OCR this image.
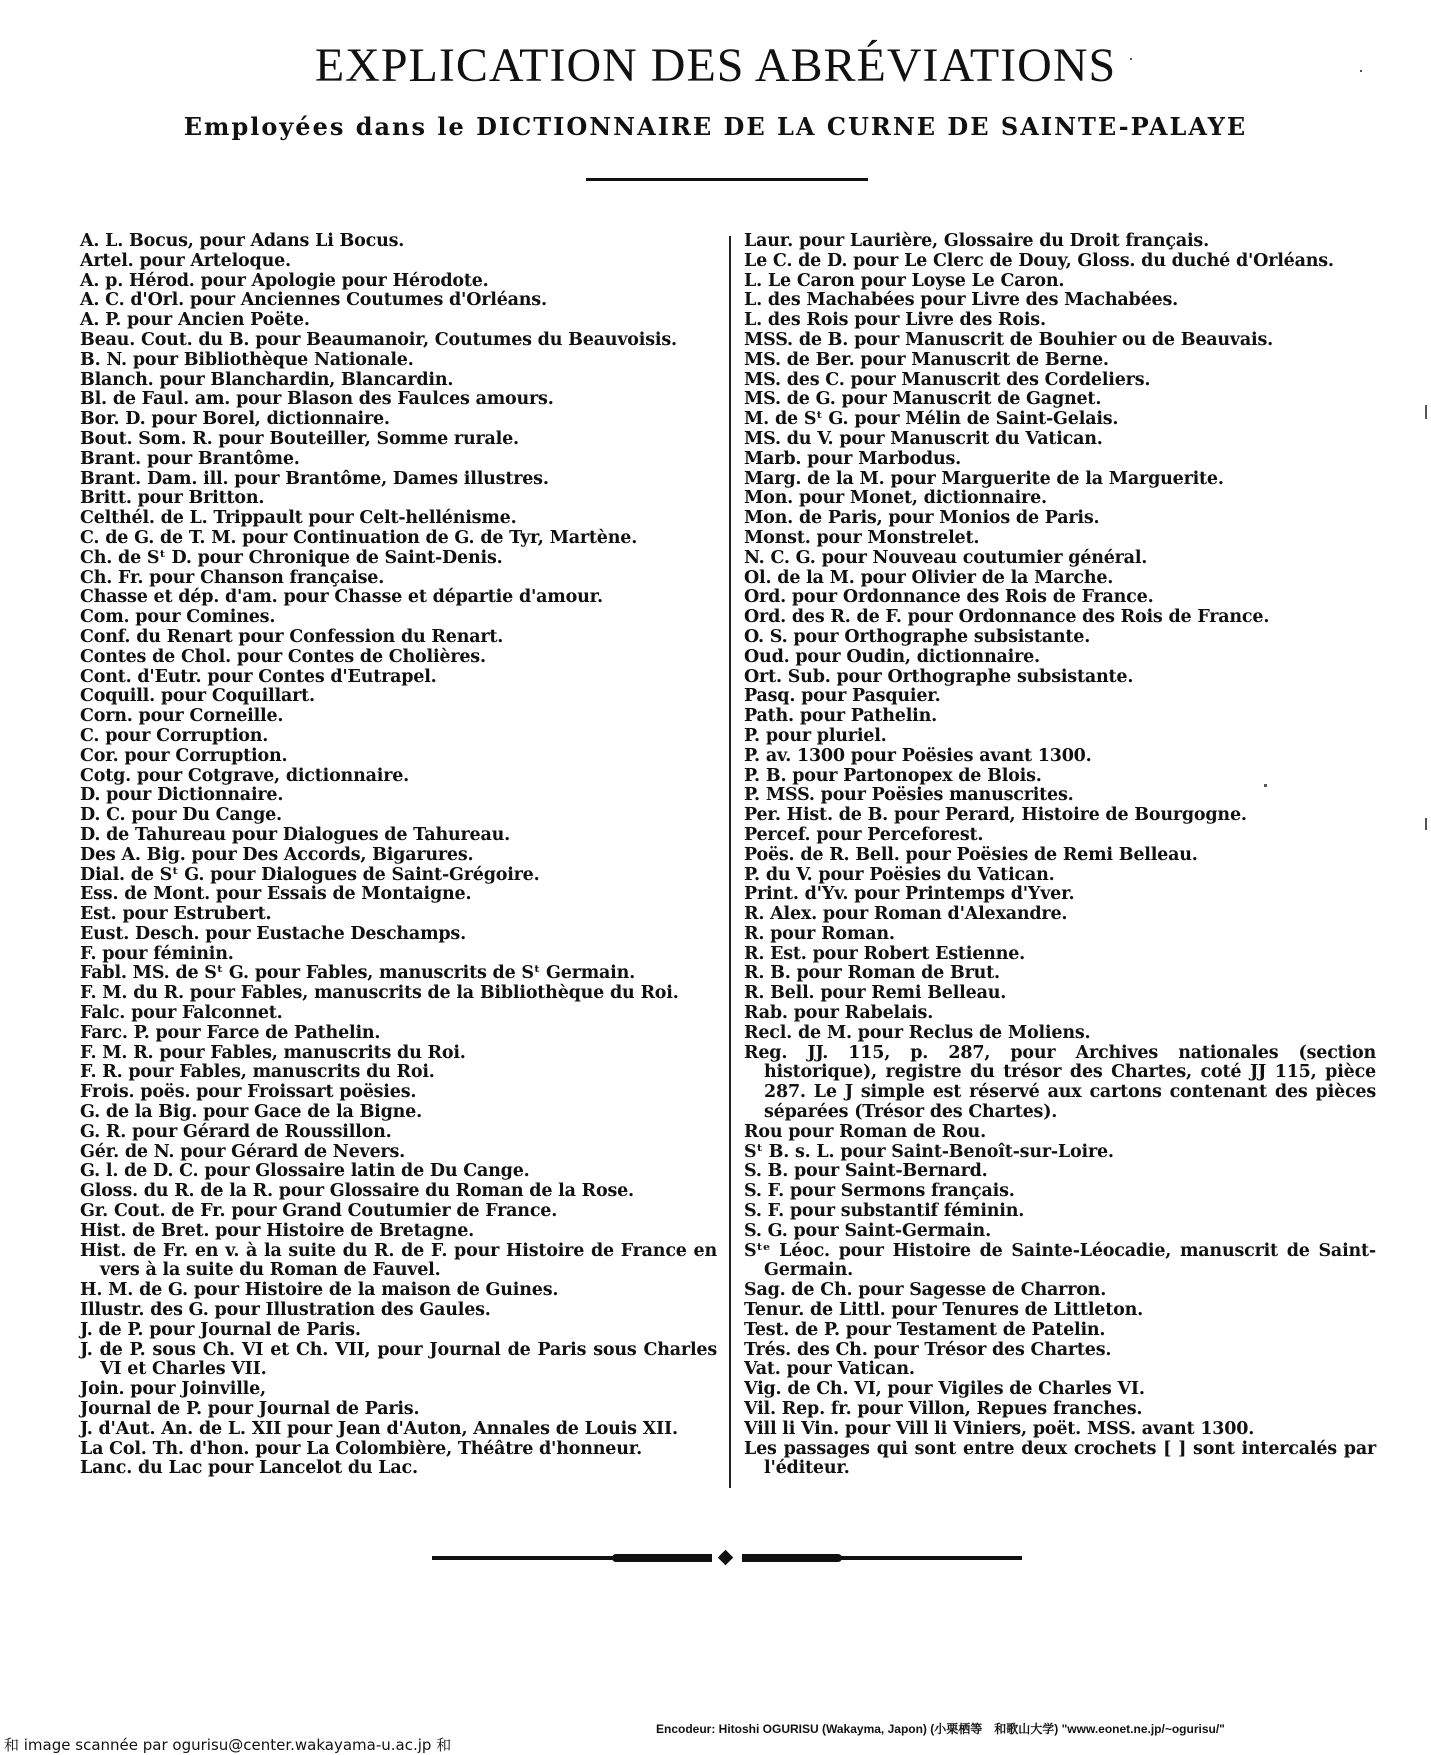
EXPLICATION DES ABRÉVIATIONS
Employées dans le DICTIONNAIRE DE LA CURNE DE SAINTE-PALAYE
A. L. Bocus, pour Adans Li Bocus.
Artel. pour Arteloque.
A. p. Hérod. pour Apologie pour Hérodote.
A. C. d'Orl. pour Anciennes Coutumes d'Orléans.
A. P. pour Ancien Poëte.
Beau. Cout. du B. pour Beaumanoir, Coutumes du Beauvoisis.
B. N. pour Bibliothèque Nationale.
Blanch. pour Blanchardin, Blancardin.
Bl. de Faul. am. pour Blason des Faulces amours.
Bor. D. pour Borel, dictionnaire.
Bout. Som. R. pour Bouteiller, Somme rurale.
Brant. pour Brantôme.
Brant. Dam. ill. pour Brantôme, Dames illustres.
Britt. pour Britton.
Celthél. de L. Trippault pour Celt-hellénisme.
C. de G. de T. M. pour Continuation de G. de Tyr, Martène.
Ch. de Sᵗ D. pour Chronique de Saint-Denis.
Ch. Fr. pour Chanson française.
Chasse et dép. d'am. pour Chasse et départie d'amour.
Com. pour Comines.
Conf. du Renart pour Confession du Renart.
Contes de Chol. pour Contes de Cholières.
Cont. d'Eutr. pour Contes d'Eutrapel.
Coquill. pour Coquillart.
Corn. pour Corneille.
C. pour Corruption.
Cor. pour Corruption.
Cotg. pour Cotgrave, dictionnaire.
D. pour Dictionnaire.
D. C. pour Du Cange.
D. de Tahureau pour Dialogues de Tahureau.
Des A. Big. pour Des Accords, Bigarures.
Dial. de Sᵗ G. pour Dialogues de Saint-Grégoire.
Ess. de Mont. pour Essais de Montaigne.
Est. pour Estrubert.
Eust. Desch. pour Eustache Deschamps.
F. pour féminin.
Fabl. MS. de Sᵗ G. pour Fables, manuscrits de Sᵗ Germain.
F. M. du R. pour Fables, manuscrits de la Bibliothèque du Roi.
Falc. pour Falconnet.
Farc. P. pour Farce de Pathelin.
F. M. R. pour Fables, manuscrits du Roi.
F. R. pour Fables, manuscrits du Roi.
Frois. poës. pour Froissart poësies.
G. de la Big. pour Gace de la Bigne.
G. R. pour Gérard de Roussillon.
Gér. de N. pour Gérard de Nevers.
G. l. de D. C. pour Glossaire latin de Du Cange.
Gloss. du R. de la R. pour Glossaire du Roman de la Rose.
Gr. Cout. de Fr. pour Grand Coutumier de France.
Hist. de Bret. pour Histoire de Bretagne.
Hist. de Fr. en v. à la suite du R. de F. pour Histoire de France en vers à la suite du Roman de Fauvel.
H. M. de G. pour Histoire de la maison de Guines.
Illustr. des G. pour Illustration des Gaules.
J. de P. pour Journal de Paris.
J. de P. sous Ch. VI et Ch. VII, pour Journal de Paris sous Charles VI et Charles VII.
Join. pour Joinville,
Journal de P. pour Journal de Paris.
J. d'Aut. An. de L. XII pour Jean d'Auton, Annales de Louis XII.
La Col. Th. d'hon. pour La Colombière, Théâtre d'honneur.
Lanc. du Lac pour Lancelot du Lac.
Laur. pour Laurière, Glossaire du Droit français.
Le C. de D. pour Le Clerc de Douy, Gloss. du duché d'Orléans.
L. Le Caron pour Loyse Le Caron.
L. des Machabées pour Livre des Machabées.
L. des Rois pour Livre des Rois.
MSS. de B. pour Manuscrit de Bouhier ou de Beauvais.
MS. de Ber. pour Manuscrit de Berne.
MS. des C. pour Manuscrit des Cordeliers.
MS. de G. pour Manuscrit de Gagnet.
M. de Sᵗ G. pour Mélin de Saint-Gelais.
MS. du V. pour Manuscrit du Vatican.
Marb. pour Marbodus.
Marg. de la M. pour Marguerite de la Marguerite.
Mon. pour Monet, dictionnaire.
Mon. de Paris, pour Monios de Paris.
Monst. pour Monstrelet.
N. C. G. pour Nouveau coutumier général.
Ol. de la M. pour Olivier de la Marche.
Ord. pour Ordonnance des Rois de France.
Ord. des R. de F. pour Ordonnance des Rois de France.
O. S. pour Orthographe subsistante.
Oud. pour Oudin, dictionnaire.
Ort. Sub. pour Orthographe subsistante.
Pasq. pour Pasquier.
Path. pour Pathelin.
P. pour pluriel.
P. av. 1300 pour Poësies avant 1300.
P. B. pour Partonopex de Blois.
P. MSS. pour Poësies manuscrites.
Per. Hist. de B. pour Perard, Histoire de Bourgogne.
Percef. pour Perceforest.
Poës. de R. Bell. pour Poësies de Remi Belleau.
P. du V. pour Poësies du Vatican.
Print. d'Yv. pour Printemps d'Yver.
R. Alex. pour Roman d'Alexandre.
R. pour Roman.
R. Est. pour Robert Estienne.
R. B. pour Roman de Brut.
R. Bell. pour Remi Belleau.
Rab. pour Rabelais.
Recl. de M. pour Reclus de Moliens.
Reg. JJ. 115, p. 287, pour Archives nationales (section historique), registre du trésor des Chartes, coté JJ 115, pièce 287. Le J simple est réservé aux cartons contenant des pièces séparées (Trésor des Chartes).
Rou pour Roman de Rou.
Sᵗ B. s. L. pour Saint-Benoît-sur-Loire.
S. B. pour Saint-Bernard.
S. F. pour Sermons français.
S. F. pour substantif féminin.
S. G. pour Saint-Germain.
Sᵗᵉ Léoc. pour Histoire de Sainte-Léocadie, manuscrit de Saint-Germain.
Sag. de Ch. pour Sagesse de Charron.
Tenur. de Littl. pour Tenures de Littleton.
Test. de P. pour Testament de Patelin.
Trés. des Ch. pour Trésor des Chartes.
Vat. pour Vatican.
Vig. de Ch. VI, pour Vigiles de Charles VI.
Vil. Rep. fr. pour Villon, Repues franches.
Vill li Vin. pour Vill li Viniers, poët. MSS. avant 1300.
Les passages qui sont entre deux crochets [ ] sont intercalés par l'éditeur.
Encodeur: Hitoshi OGURISU (Wakayma, Japon) (小栗栖等　和歌山大学) "www.eonet.ne.jp/~ogurisu/"
和 image scannée par ogurisu@center.wakayama-u.ac.jp 和
